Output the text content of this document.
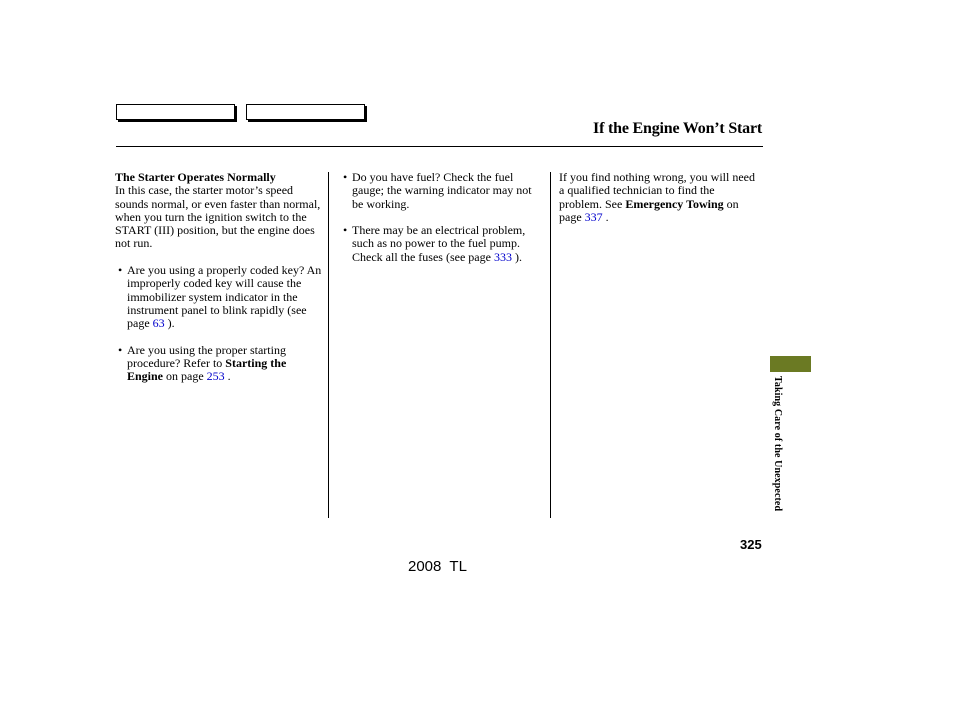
If the Engine Won’t Start

The Starter Operates Normally

In this case, the starter motor’s speed sounds normal, or even faster than normal, when you turn the ignition switch to the START (III) position, but the engine does not run.

• Are you using a properly coded key? An improperly coded key will cause the immobilizer system indicator in the instrument panel to blink rapidly (see page 63 ).
• Are you using the proper starting procedure? Refer to Starting the Engine on page 253 .
• Do you have fuel? Check the fuel gauge; the warning indicator may not be working.
• There may be an electrical problem, such as no power to the fuel pump. Check all the fuses (see page 333 ).

If you find nothing wrong, you will need a qualified technician to find the problem. See Emergency Towing on page 337 .

Taking Care of the Unexpected
325
2008  TL
